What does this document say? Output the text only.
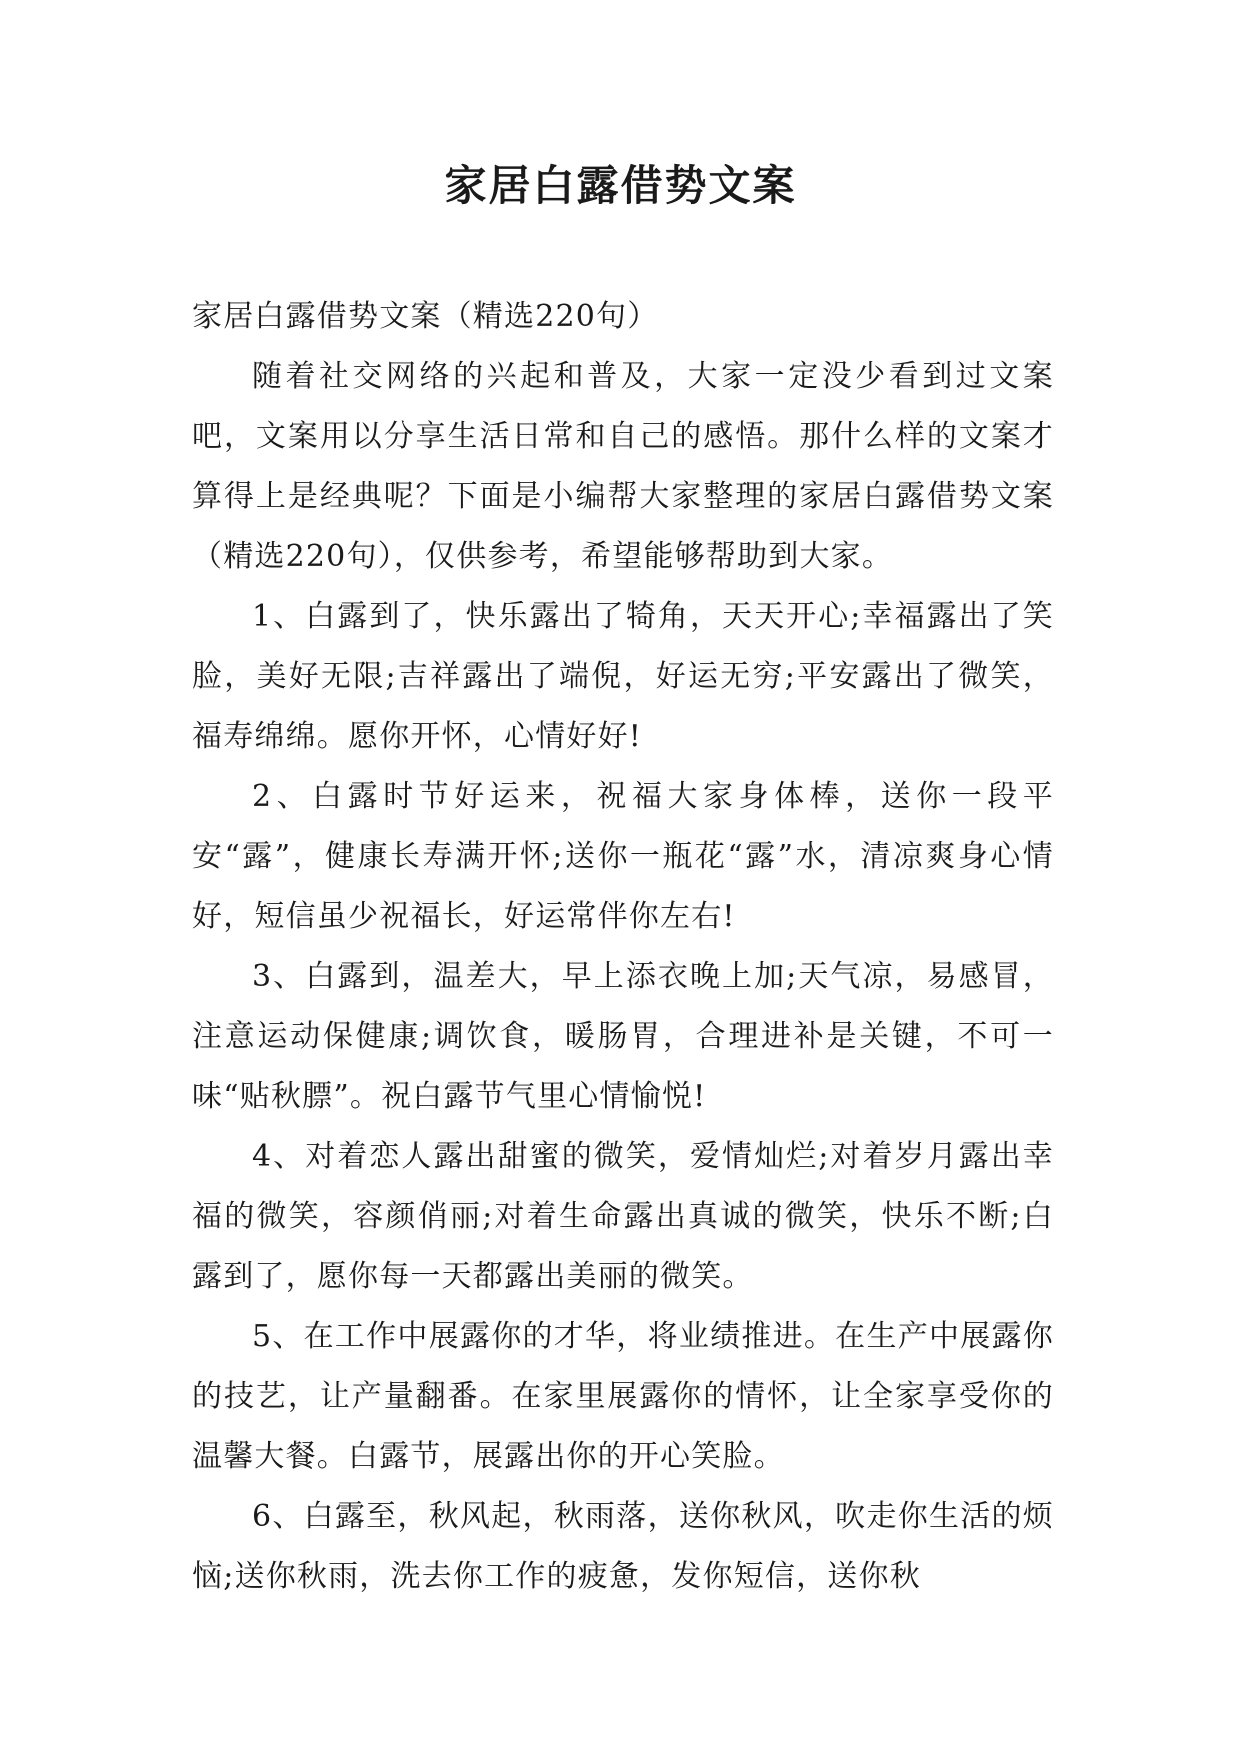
家居白露借势文案

家居白露借势文案（精选220句）

随着社交网络的兴起和普及，大家一定没少看到过文案吧，文案用以分享生活日常和自己的感悟。那什么样的文案才算得上是经典呢？下面是小编帮大家整理的家居白露借势文案（精选220句），仅供参考，希望能够帮助到大家。

1、白露到了，快乐露出了犄角，天天开心;幸福露出了笑脸，美好无限;吉祥露出了端倪，好运无穷;平安露出了微笑，福寿绵绵。愿你开怀，心情好好!

2、白露时节好运来，祝福大家身体棒，送你一段平安“露”，健康长寿满开怀;送你一瓶花“露”水，清凉爽身心情好，短信虽少祝福长，好运常伴你左右!

3、白露到，温差大，早上添衣晚上加;天气凉，易感冒，注意运动保健康;调饮食，暖肠胃，合理进补是关键，不可一味“贴秋膘”。祝白露节气里心情愉悦!

4、对着恋人露出甜蜜的微笑，爱情灿烂;对着岁月露出幸福的微笑，容颜俏丽;对着生命露出真诚的微笑，快乐不断;白露到了，愿你每一天都露出美丽的微笑。

5、在工作中展露你的才华，将业绩推进。在生产中展露你的技艺，让产量翻番。在家里展露你的情怀，让全家享受你的温馨大餐。白露节，展露出你的开心笑脸。

6、白露至，秋风起，秋雨落，送你秋风，吹走你生活的烦恼;送你秋雨，洗去你工作的疲惫，发你短信，送你秋
